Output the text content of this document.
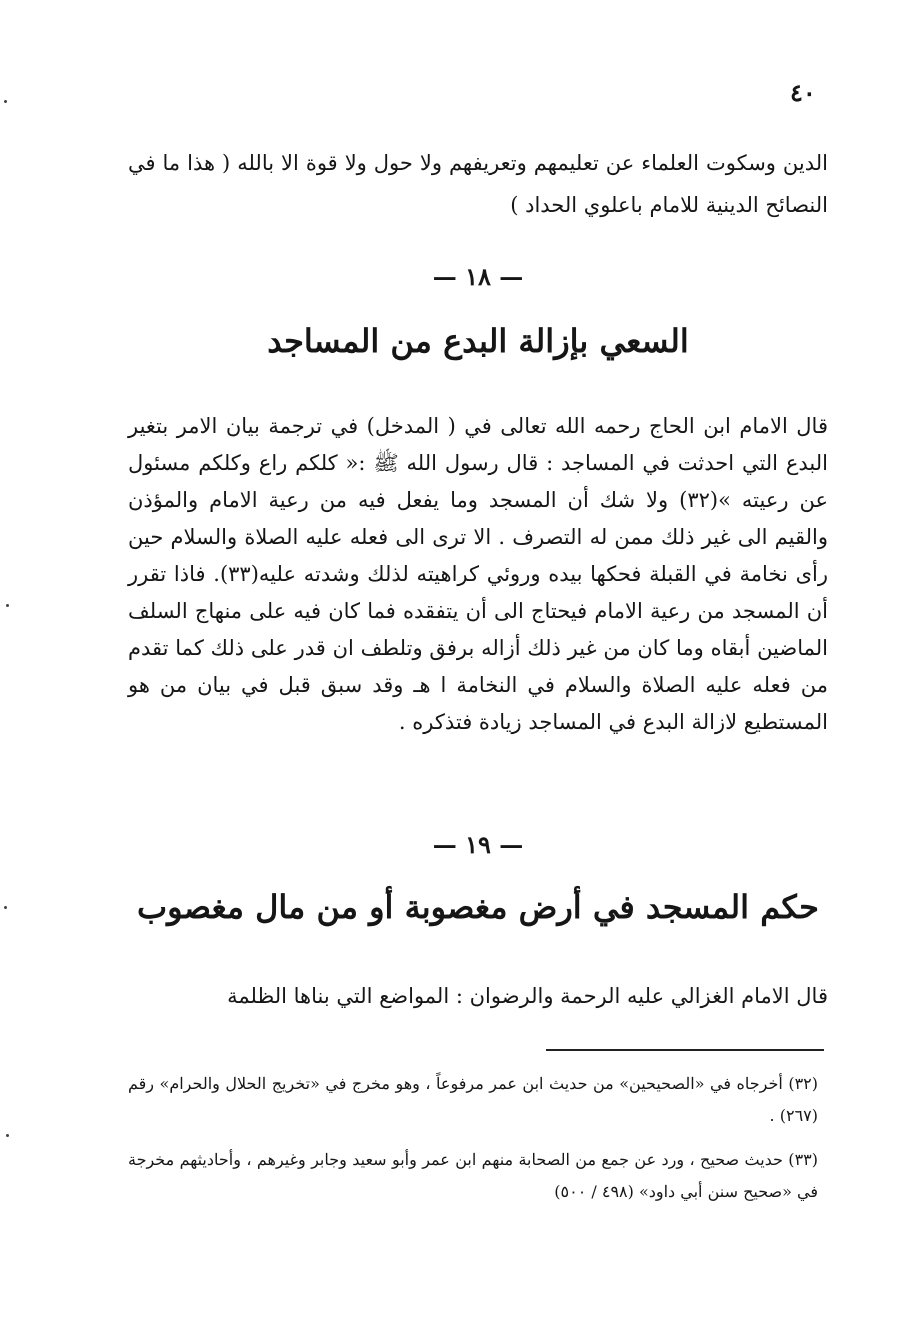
٤٠

الدين وسكوت العلماء عن تعليمهم وتعريفهم ولا حول ولا قوة الا بالله ( هذا ما في النصائح الدينية للامام باعلوي الحداد )

— ١٨ —
السعي بإزالة البدع من المساجد

قال الامام ابن الحاج رحمه الله تعالى في ( المدخل) في ترجمة بيان الامر بتغير البدع التي احدثت في المساجد : قال رسول الله ﷺ :« كلكم راع وكلكم مسئول عن رعيته »(٣٢) ولا شك أن المسجد وما يفعل فيه من رعية الامام والمؤذن والقيم الى غير ذلك ممن له التصرف . الا ترى الى فعله عليه الصلاة والسلام حين رأى نخامة في القبلة فحكها بيده وروئي كراهيته لذلك وشدته عليه(٣٣). فاذا تقرر أن المسجد من رعية الامام فيحتاج الى أن يتفقده فما كان فيه على منهاج السلف الماضين أبقاه وما كان من غير ذلك أزاله برفق وتلطف ان قدر على ذلك كما تقدم من فعله عليه الصلاة والسلام في النخامة ا هـ وقد سبق قبل في بيان من هو المستطيع لازالة البدع في المساجد زيادة فتذكره .

— ١٩ —
حكم المسجد في أرض مغصوبة أو من مال مغصوب

قال الامام الغزالي عليه الرحمة والرضوان : المواضع التي بناها الظلمة

(٣٢) أخرجاه في «الصحيحين» من حديث ابن عمر مرفوعاً ، وهو مخرج في «تخريج الحلال والحرام» رقم (٢٦٧) .

(٣٣) حديث صحيح ، ورد عن جمع من الصحابة منهم ابن عمر وأبو سعيد وجابر وغيرهم ، وأحاديثهم مخرجة في «صحيح سنن أبي داود» (٤٩٨ / ٥٠٠)
